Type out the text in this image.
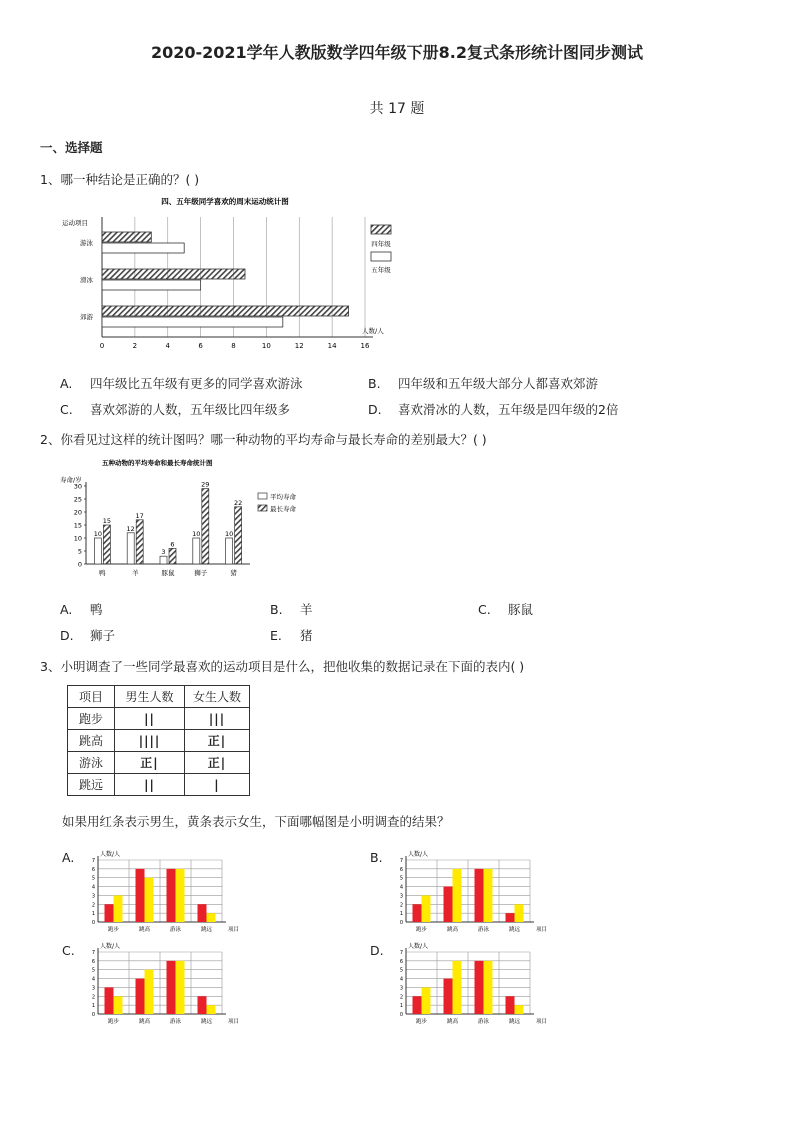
2020-2021学年人教版数学四年级下册8.2复式条形统计图同步测试
共 17 题
一、选择题
1、哪一种结论是正确的？( )
四、五年级同学喜欢的周末运动统计图
运动项目
0	2	4	6	8	10	12	14	16
人数/人
游泳
滑冰
郊游
四年级
五年级
A. 四年级比五年级有更多的同学喜欢游泳	B. 四年级和五年级大部分人都喜欢郊游
C. 喜欢郊游的人数，五年级比四年级多	D. 喜欢滑冰的人数，五年级是四年级的2倍
2、你看见过这样的统计图吗？哪一种动物的平均寿命与最长寿命的差别最大？( )
五种动物的平均寿命和最长寿命统计图
寿命/岁
0
5
10
15
20
25
30
10
15
鸭
12
17
羊
3
6
豚鼠
10
29
狮子
10
22
猪
平均寿命
最长寿命
A. 鸭	B. 羊	C. 豚鼠
D. 狮子	E. 猪
3、小明调查了一些同学最喜欢的运动项目是什么，把他收集的数据记录在下面的表内( )
项目	男生人数	女生人数
跑步	||	|||
跳高	||||	正|
游泳	正|	正|
跳远	||	|
如果用红条表示男生，黄条表示女生，下面哪幅图是小明调查的结果？
A.	B.
C.	D.
人数/人
0
1
2
3
4
5
6
7
跑步	跳高	游泳	跳远	项目
人数/人
0
1
2
3
4
5
6
7
跑步	跳高	游泳	跳远	项目
人数/人
0
1
2
3
4
5
6
7
跑步	跳高	游泳	跳远	项目
人数/人
0
1
2
3
4
5
6
7
跑步	跳高	游泳	跳远	项目
